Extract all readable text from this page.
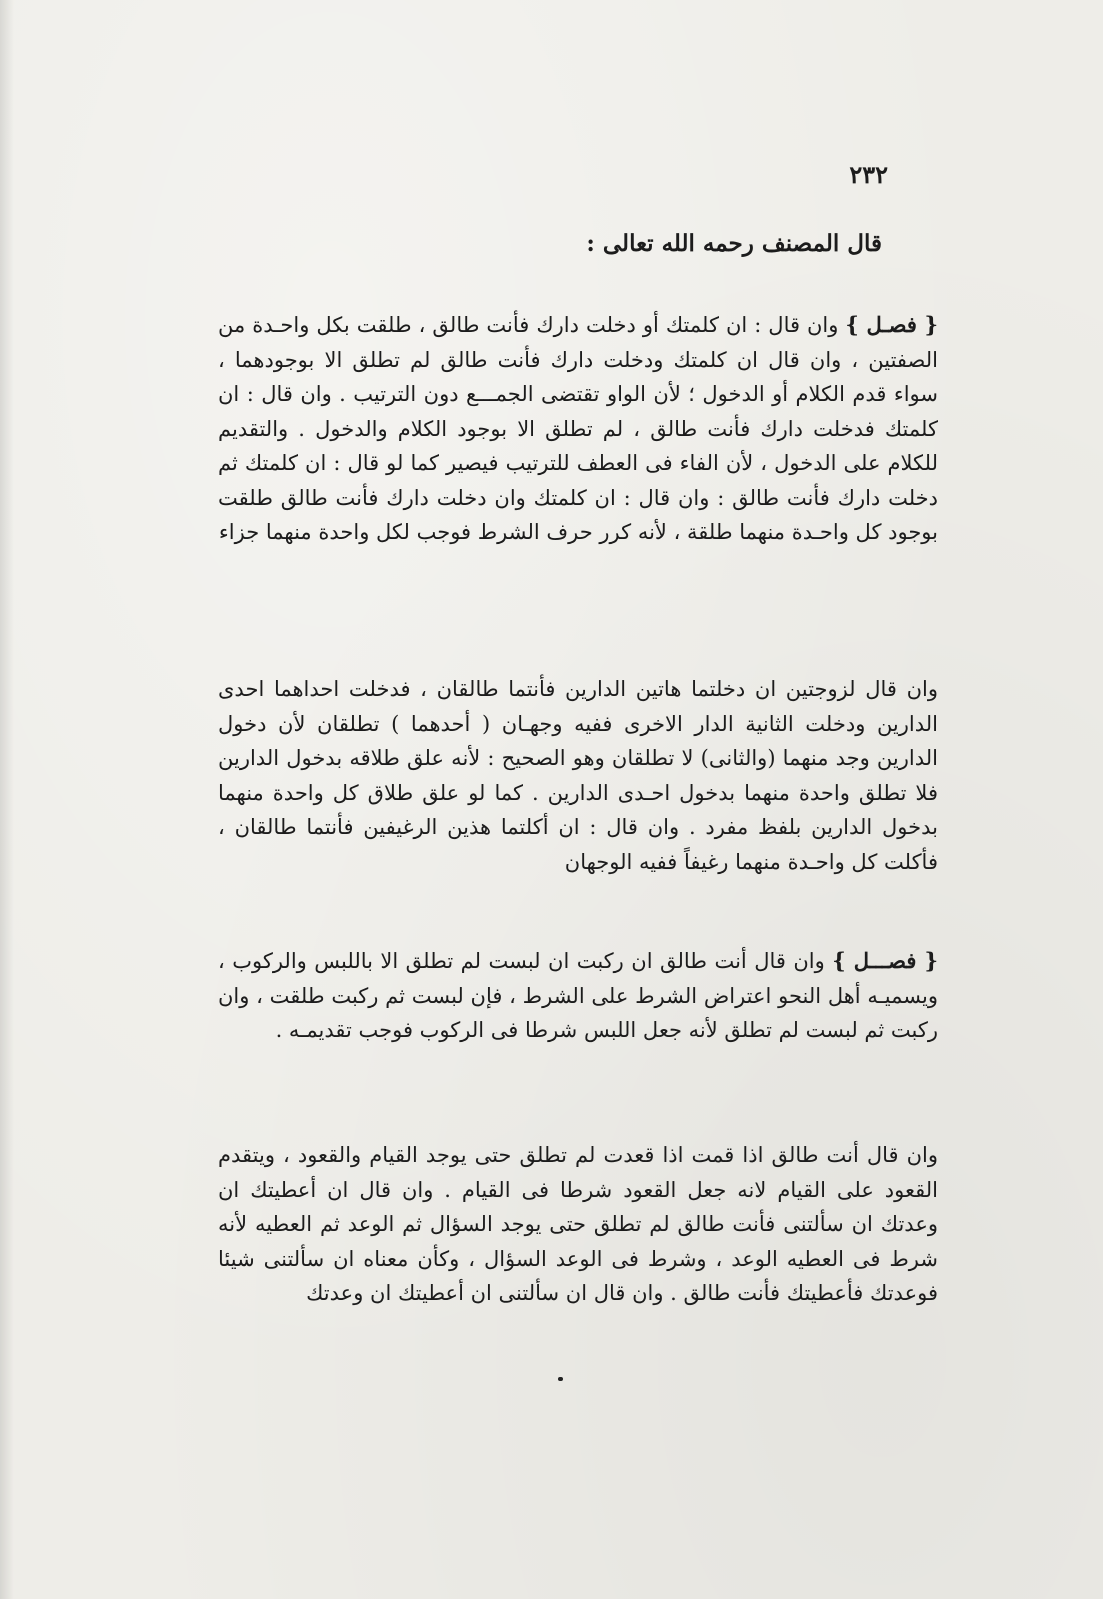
٢٣٢
قال المصنف رحمه الله تعالى :

{ فصـل } وان قال : ان كلمتك أو دخلت دارك فأنت طالق ، طلقت بكل واحـدة من الصفتين ، وان قال ان كلمتك ودخلت دارك فأنت طالق لم تطلق الا بوجودهما ، سواء قدم الكلام أو الدخول ؛ لأن الواو تقتضى الجمـــع دون الترتيب . وان قال : ان كلمتك فدخلت دارك فأنت طالق ، لم تطلق الا بوجود الكلام والدخول . والتقديم للكلام على الدخول ، لأن الفاء فى العطف للترتيب فيصير كما لو قال : ان كلمتك ثم دخلت دارك فأنت طالق : وان قال : ان كلمتك وان دخلت دارك فأنت طالق طلقت بوجود كل واحـدة منهما طلقة ، لأنه كرر حرف الشرط فوجب لكل واحدة منهما جزاء

وان قال لزوجتين ان دخلتما هاتين الدارين فأنتما طالقان ، فدخلت احداهما احدى الدارين ودخلت الثانية الدار الاخرى ففيه وجهـان ( أحدهما ) تطلقان لأن دخول الدارين وجد منهما (والثانى) لا تطلقان وهو الصحيح : لأنه علق طلاقه بدخول الدارين فلا تطلق واحدة منهما بدخول احـدى الدارين . كما لو علق طلاق كل واحدة منهما بدخول الدارين بلفظ مفرد . وان قال : ان أكلتما هذين الرغيفين فأنتما طالقان ، فأكلت كل واحـدة منهما رغيفاً ففيه الوجهان

{ فصـــل } وان قال أنت طالق ان ركبت ان لبست لم تطلق الا باللبس والركوب ، ويسميـه أهل النحو اعتراض الشرط على الشرط ، فإن لبست ثم ركبت طلقت ، وان ركبت ثم لبست لم تطلق لأنه جعل اللبس شرطا فى الركوب فوجب تقديمـه .

وان قال أنت طالق اذا قمت اذا قعدت لم تطلق حتى يوجد القيام والقعود ، ويتقدم القعود على القيام لانه جعل القعود شرطا فى القيام . وان قال ان أعطيتك ان وعدتك ان سألتنى فأنت طالق لم تطلق حتى يوجد السؤال ثم الوعد ثم العطيه لأنه شرط فى العطيه الوعد ، وشرط فى الوعد السؤال ، وكأن معناه ان سألتنى شيئا فوعدتك فأعطيتك فأنت طالق . وان قال ان سألتنى ان أعطيتك ان وعدتك
